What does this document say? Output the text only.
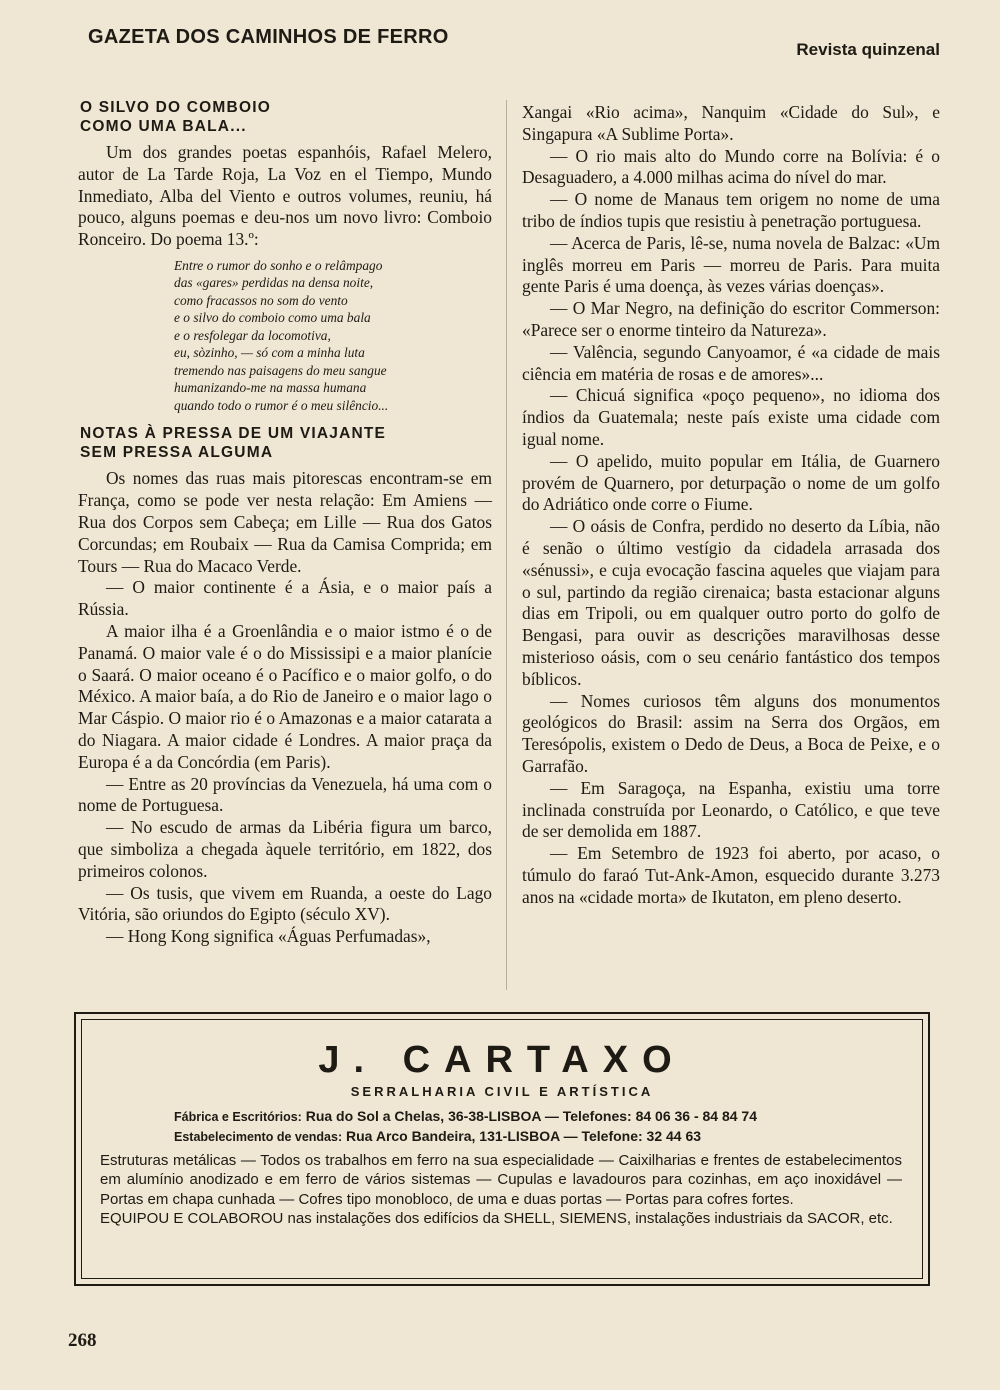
GAZETA DOS CAMINHOS DE FERRO
Revista quinzenal
O SILVO DO COMBOIO
COMO UMA BALA...

Um dos grandes poetas espanhóis, Rafael Melero, autor de La Tarde Roja, La Voz en el Tiempo, Mundo Inmediato, Alba del Viento e outros volumes, reuniu, há pouco, alguns poemas e deu-nos um novo livro: Comboio Ronceiro. Do poema 13.º:

Entre o rumor do sonho e o relâmpago
das «gares» perdidas na densa noite,
como fracassos no som do vento
e o silvo do comboio como uma bala
e o resfolegar da locomotiva,
eu, sòzinho, — só com a minha luta
tremendo nas paisagens do meu sangue
humanizando-me na massa humana
quando todo o rumor é o meu silêncio...
NOTAS À PRESSA DE UM VIAJANTE
SEM PRESSA ALGUMA

Os nomes das ruas mais pitorescas encontram-se em França, como se pode ver nesta relação: Em Amiens — Rua dos Corpos sem Cabeça; em Lille — Rua dos Gatos Corcundas; em Roubaix — Rua da Camisa Comprida; em Tours — Rua do Macaco Verde.

— O maior continente é a Ásia, e o maior país a Rússia.

A maior ilha é a Groenlândia e o maior istmo é o de Panamá. O maior vale é o do Mississipi e a maior planície o Saará. O maior oceano é o Pacífico e o maior golfo, o do México. A maior baía, a do Rio de Janeiro e o maior lago o Mar Cáspio. O maior rio é o Amazonas e a maior catarata a do Niagara. A maior cidade é Londres. A maior praça da Europa é a da Concórdia (em Paris).

— Entre as 20 províncias da Venezuela, há uma com o nome de Portuguesa.

— No escudo de armas da Libéria figura um barco, que simboliza a chegada àquele território, em 1822, dos primeiros colonos.

— Os tusis, que vivem em Ruanda, a oeste do Lago Vitória, são oriundos do Egipto (século XV).

— Hong Kong significa «Águas Perfumadas»,

Xangai «Rio acima», Nanquim «Cidade do Sul», e Singapura «A Sublime Porta».

— O rio mais alto do Mundo corre na Bolívia: é o Desaguadero, a 4.000 milhas acima do nível do mar.

— O nome de Manaus tem origem no nome de uma tribo de índios tupis que resistiu à penetração portuguesa.

— Acerca de Paris, lê-se, numa novela de Balzac: «Um inglês morreu em Paris — morreu de Paris. Para muita gente Paris é uma doença, às vezes várias doenças».

— O Mar Negro, na definição do escritor Commerson: «Parece ser o enorme tinteiro da Natureza».

— Valência, segundo Canyoamor, é «a cidade de mais ciência em matéria de rosas e de amores»...

— Chicuá significa «poço pequeno», no idioma dos índios da Guatemala; neste país existe uma cidade com igual nome.

— O apelido, muito popular em Itália, de Guarnero provém de Quarnero, por deturpação o nome de um golfo do Adriático onde corre o Fiume.

— O oásis de Confra, perdido no deserto da Líbia, não é senão o último vestígio da cidadela arrasada dos «sénussi», e cuja evocação fascina aqueles que viajam para o sul, partindo da região cirenaica; basta estacionar alguns dias em Tripoli, ou em qualquer outro porto do golfo de Bengasi, para ouvir as descrições maravilhosas desse misterioso oásis, com o seu cenário fantástico dos tempos bíblicos.

— Nomes curiosos têm alguns dos monumentos geológicos do Brasil: assim na Serra dos Orgãos, em Teresópolis, existem o Dedo de Deus, a Boca de Peixe, e o Garrafão.

— Em Saragoça, na Espanha, existiu uma torre inclinada construída por Leonardo, o Católico, e que teve de ser demolida em 1887.

— Em Setembro de 1923 foi aberto, por acaso, o túmulo do faraó Tut-Ank-Amon, esquecido durante 3.273 anos na «cidade morta» de Ikutaton, em pleno deserto.

J. CARTAXO
SERRALHARIA CIVIL E ARTÍSTICA
Fábrica e Escritórios: Rua do Sol a Chelas, 36-38-LISBOA — Telefones: 84 06 36 - 84 84 74
Estabelecimento de vendas: Rua Arco Bandeira, 131-LISBOA — Telefone: 32 44 63

Estruturas metálicas — Todos os trabalhos em ferro na sua especialidade — Caixilharias e frentes de estabelecimentos em alumínio anodizado e em ferro de vários sistemas — Cupulas e lavadouros para cozinhas, em aço inoxidável — Portas em chapa cunhada — Cofres tipo monobloco, de uma e duas portas — Portas para cofres fortes.

EQUIPOU E COLABOROU nas instalações dos edifícios da SHELL, SIEMENS, instalações industriais da SACOR, etc.

268
